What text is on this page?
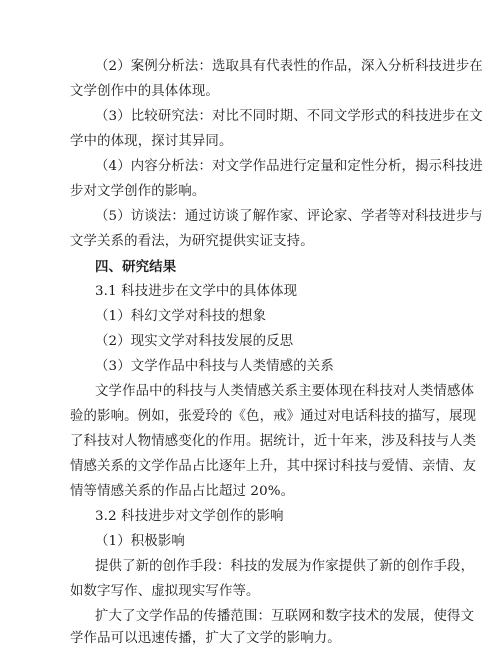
（2）案例分析法：选取具有代表性的作品，深入分析科技进步在
文学创作中的具体体现。
（3）比较研究法：对比不同时期、不同文学形式的科技进步在文
学中的体现，探讨其异同。
（4）内容分析法：对文学作品进行定量和定性分析，揭示科技进
步对文学创作的影响。
（5）访谈法：通过访谈了解作家、评论家、学者等对科技进步与
文学关系的看法，为研究提供实证支持。
四、研究结果
3.1 科技进步在文学中的具体体现
（1）科幻文学对科技的想象
（2）现实文学对科技发展的反思
（3）文学作品中科技与人类情感的关系
文学作品中的科技与人类情感关系主要体现在科技对人类情感体
验的影响。例如，张爱玲的《色，戒》通过对电话科技的描写，展现
了科技对人物情感变化的作用。据统计，近十年来，涉及科技与人类
情感关系的文学作品占比逐年上升，其中探讨科技与爱情、亲情、友
情等情感关系的作品占比超过 20%。
3.2 科技进步对文学创作的影响
（1）积极影响
提供了新的创作手段：科技的发展为作家提供了新的创作手段，
如数字写作、虚拟现实写作等。
扩大了文学作品的传播范围：互联网和数字技术的发展，使得文
学作品可以迅速传播，扩大了文学的影响力。
